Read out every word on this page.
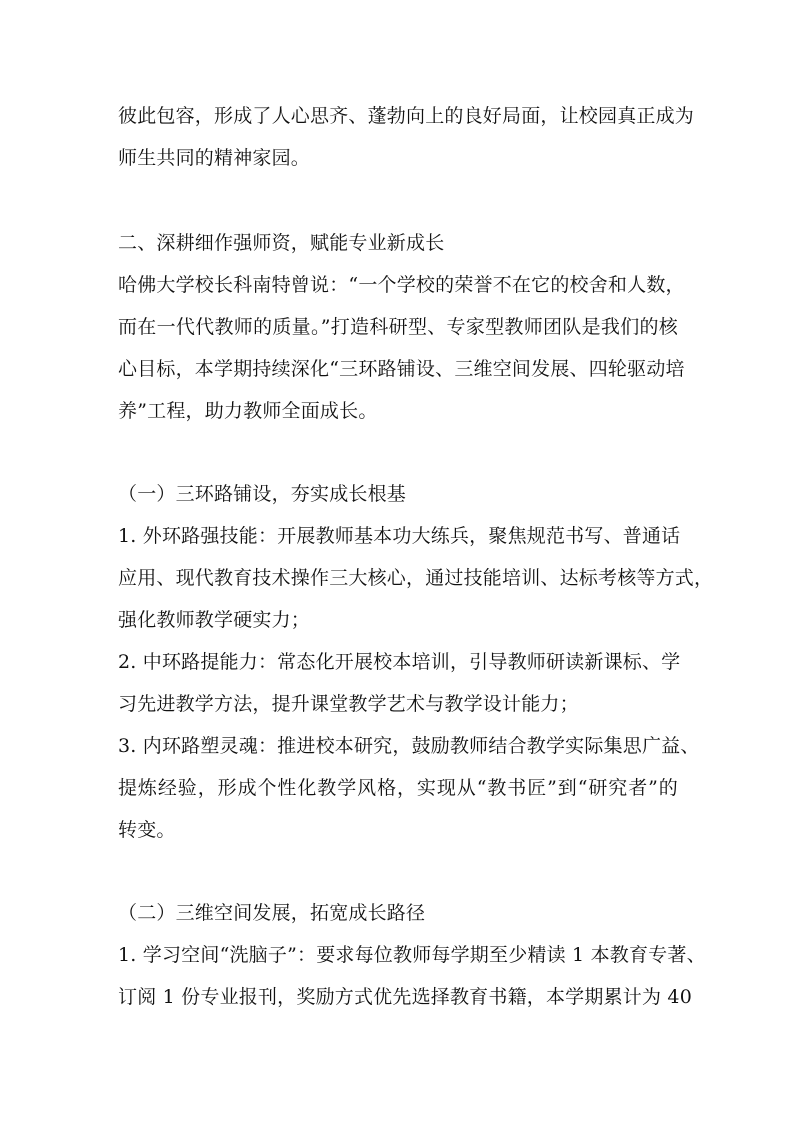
彼此包容，形成了人心思齐、蓬勃向上的良好局面，让校园真正成为
师生共同的精神家园。
二、深耕细作强师资，赋能专业新成长
哈佛大学校长科南特曾说：“一个学校的荣誉不在它的校舍和人数，
而在一代代教师的质量。”打造科研型、专家型教师团队是我们的核
心目标，本学期持续深化“三环路铺设、三维空间发展、四轮驱动培
养”工程，助力教师全面成长。
（一）三环路铺设，夯实成长根基
1. 外环路强技能：开展教师基本功大练兵，聚焦规范书写、普通话
应用、现代教育技术操作三大核心，通过技能培训、达标考核等方式，
强化教师教学硬实力；
2. 中环路提能力：常态化开展校本培训，引导教师研读新课标、学
习先进教学方法，提升课堂教学艺术与教学设计能力；
3. 内环路塑灵魂：推进校本研究，鼓励教师结合教学实际集思广益、
提炼经验，形成个性化教学风格，实现从“教书匠”到“研究者”的
转变。
（二）三维空间发展，拓宽成长路径
1. 学习空间“洗脑子”：要求每位教师每学期至少精读 1 本教育专著、
订阅 1 份专业报刊，奖励方式优先选择教育书籍，本学期累计为 40
